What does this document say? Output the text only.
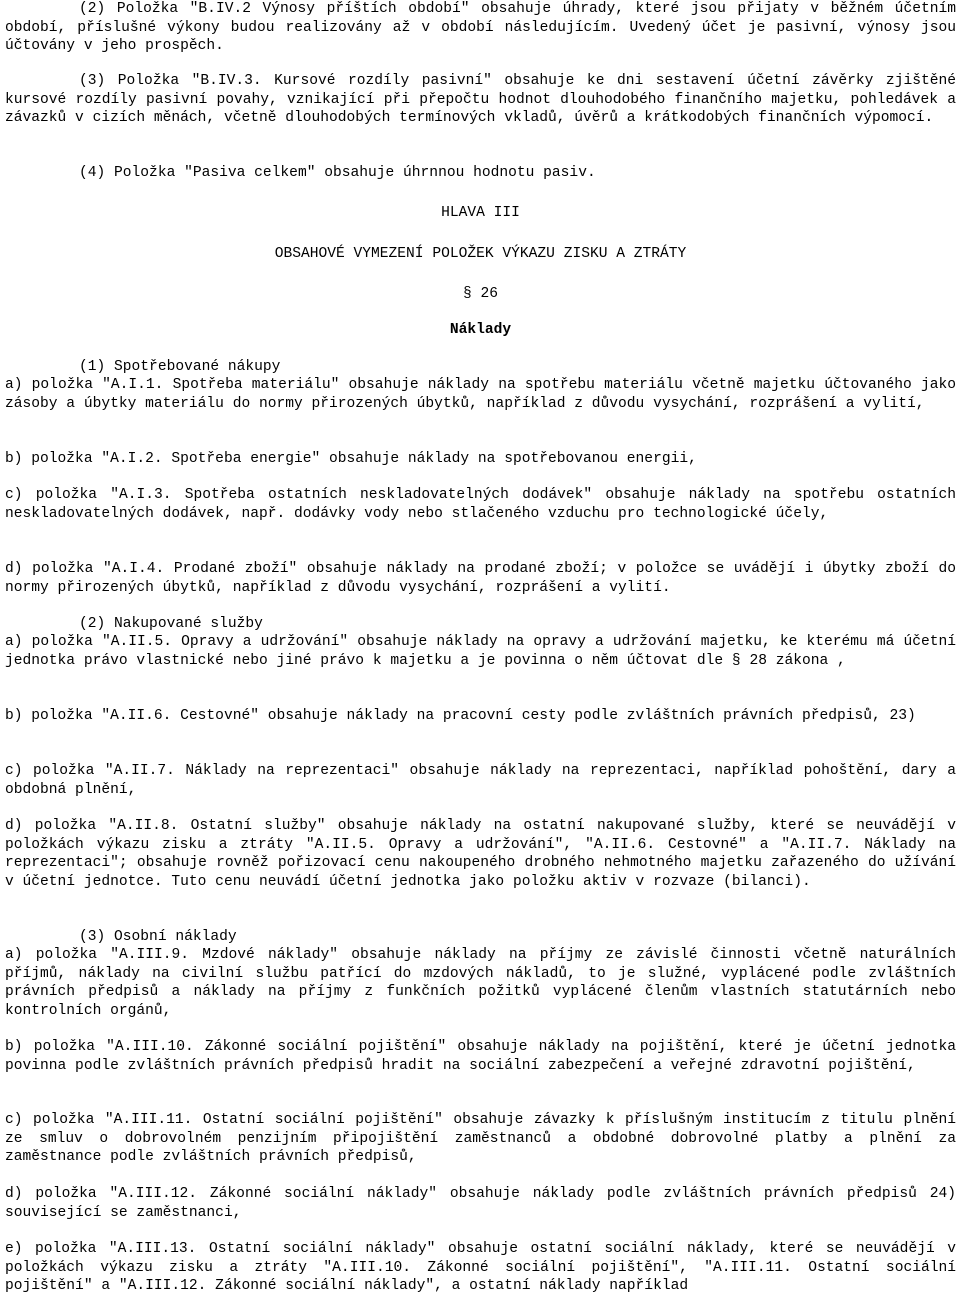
(2) Položka "B.IV.2 Výnosy příštích období" obsahuje úhrady, které jsou přijaty v běžném účetním období, příslušné výkony budou realizovány až v období následujícím. Uvedený účet je pasivní, výnosy jsou účtovány v jeho prospěch.
(3) Položka "B.IV.3. Kursové rozdíly pasivní" obsahuje ke dni sestavení účetní závěrky zjištěné kursové rozdíly pasivní povahy, vznikající při přepočtu hodnot dlouhodobého finančního majetku, pohledávek a závazků v cizích měnách, včetně dlouhodobých termínových vkladů, úvěrů a krátkodobých finančních výpomocí.
(4) Položka "Pasiva celkem" obsahuje úhrnnou hodnotu pasiv.
HLAVA III
OBSAHOVÉ VYMEZENÍ POLOŽEK VÝKAZU ZISKU A ZTRÁTY
§ 26
Náklady
(1) Spotřebované nákupy
a) položka "A.I.1. Spotřeba materiálu" obsahuje náklady na spotřebu materiálu včetně majetku účtovaného jako zásoby a úbytky materiálu do normy přirozených úbytků, například z důvodu vysychání, rozprášení a vylití,
b) položka "A.I.2. Spotřeba energie" obsahuje náklady na spotřebovanou energii,
c) položka "A.I.3. Spotřeba ostatních neskladovatelných dodávek" obsahuje náklady na spotřebu ostatních neskladovatelných dodávek, např. dodávky vody nebo stlačeného vzduchu pro technologické účely,
d) položka "A.I.4. Prodané zboží" obsahuje náklady na prodané zboží; v položce se uvádějí i úbytky zboží do normy přirozených úbytků, například z důvodu vysychání, rozprášení a vylití.
(2) Nakupované služby
a) položka "A.II.5. Opravy a udržování" obsahuje náklady na opravy a udržování majetku, ke kterému má účetní jednotka právo vlastnické nebo jiné právo k majetku a je povinna o něm účtovat dle § 28 zákona ,
b) položka "A.II.6. Cestovné" obsahuje náklady na pracovní cesty podle zvláštních právních předpisů, 23)
c) položka "A.II.7. Náklady na reprezentaci" obsahuje náklady na reprezentaci, například pohoštění, dary a obdobná plnění,
d) položka "A.II.8. Ostatní služby" obsahuje náklady na ostatní nakupované služby, které se neuvádějí v položkách výkazu zisku a ztráty "A.II.5. Opravy a udržování", "A.II.6. Cestovné" a "A.II.7. Náklady na reprezentaci"; obsahuje rovněž pořizovací cenu nakoupeného drobného nehmotného majetku zařazeného do užívání v účetní jednotce. Tuto cenu neuvádí účetní jednotka jako položku aktiv v rozvaze (bilanci).
(3) Osobní náklady
a) položka "A.III.9. Mzdové náklady" obsahuje náklady na příjmy ze závislé činnosti včetně naturálních příjmů, náklady na civilní službu patřící do mzdových nákladů, to je služné, vyplácené podle zvláštních právních předpisů a náklady na příjmy z funkčních požitků vyplácené členům vlastních statutárních nebo kontrolních orgánů,
b) položka "A.III.10. Zákonné sociální pojištění" obsahuje náklady na pojištění, které je účetní jednotka povinna podle zvláštních právních předpisů hradit na sociální zabezpečení a veřejné zdravotní pojištění,
c) položka "A.III.11. Ostatní sociální pojištění" obsahuje závazky k příslušným institucím z titulu plnění ze smluv o dobrovolném penzijním připojištění zaměstnanců a obdobné dobrovolné platby a plnění za zaměstnance podle zvláštních právních předpisů,
d) položka "A.III.12. Zákonné sociální náklady" obsahuje náklady podle zvláštních právních předpisů 24) související se zaměstnanci,
e) položka "A.III.13. Ostatní sociální náklady" obsahuje ostatní sociální náklady, které se neuvádějí v položkách výkazu zisku a ztráty "A.III.10. Zákonné sociální pojištění", "A.III.11. Ostatní sociální pojištění" a "A.III.12. Zákonné sociální náklady", a ostatní náklady například
